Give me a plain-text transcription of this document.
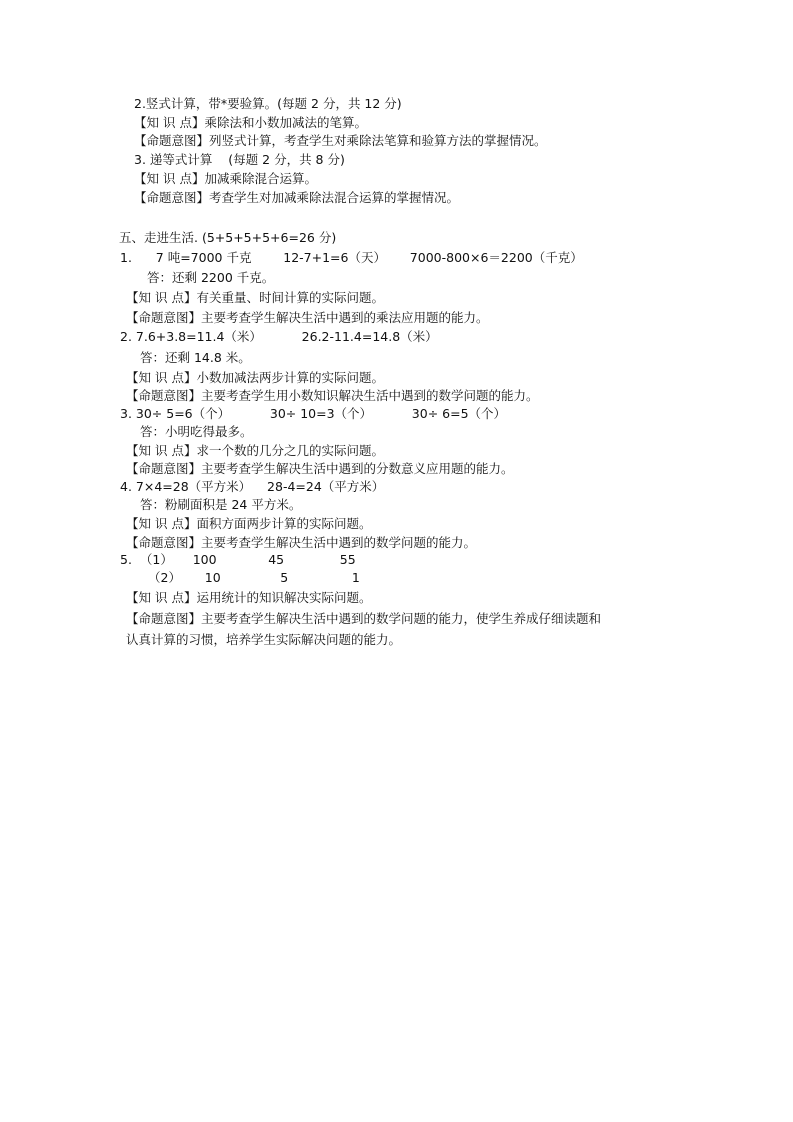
2.竖式计算，带*要验算。(每题 2 分，共 12 分)
【知 识 点】乘除法和小数加减法的笔算。
【命题意图】列竖式计算，考查学生对乘除法笔算和验算方法的掌握情况。
3. 递等式计算    (每题 2 分，共 8 分)
【知 识 点】加减乘除混合运算。
【命题意图】考查学生对加减乘除法混合运算的掌握情况。
五、走进生活. (5+5+5+5+6=26 分)
1.      7 吨=7000 千克        12-7+1=6（天）      7000-800×6＝2200（千克）
答：还剩 2200 千克。
【知 识 点】有关重量、时间计算的实际问题。
【命题意图】主要考查学生解决生活中遇到的乘法应用题的能力。
2. 7.6+3.8=11.4（米）          26.2-11.4=14.8（米）
答：还剩 14.8 米。
【知 识 点】小数加减法两步计算的实际问题。
【命题意图】主要考查学生用小数知识解决生活中遇到的数学问题的能力。
3. 30÷ 5=6（个）          30÷ 10=3（个）          30÷ 6=5（个）
答：小明吃得最多。
【知 识 点】求一个数的几分之几的实际问题。
【命题意图】主要考查学生解决生活中遇到的分数意义应用题的能力。
4. 7×4=28（平方米）    28-4=24（平方米）
答：粉刷面积是 24 平方米。
【知 识 点】面积方面两步计算的实际问题。
【命题意图】主要考查学生解决生活中遇到的数学问题的能力。
5.  （1）     100             45              55
（2）      10               5                1
【知 识 点】运用统计的知识解决实际问题。
【命题意图】主要考查学生解决生活中遇到的数学问题的能力，使学生养成仔细读题和
认真计算的习惯，培养学生实际解决问题的能力。
